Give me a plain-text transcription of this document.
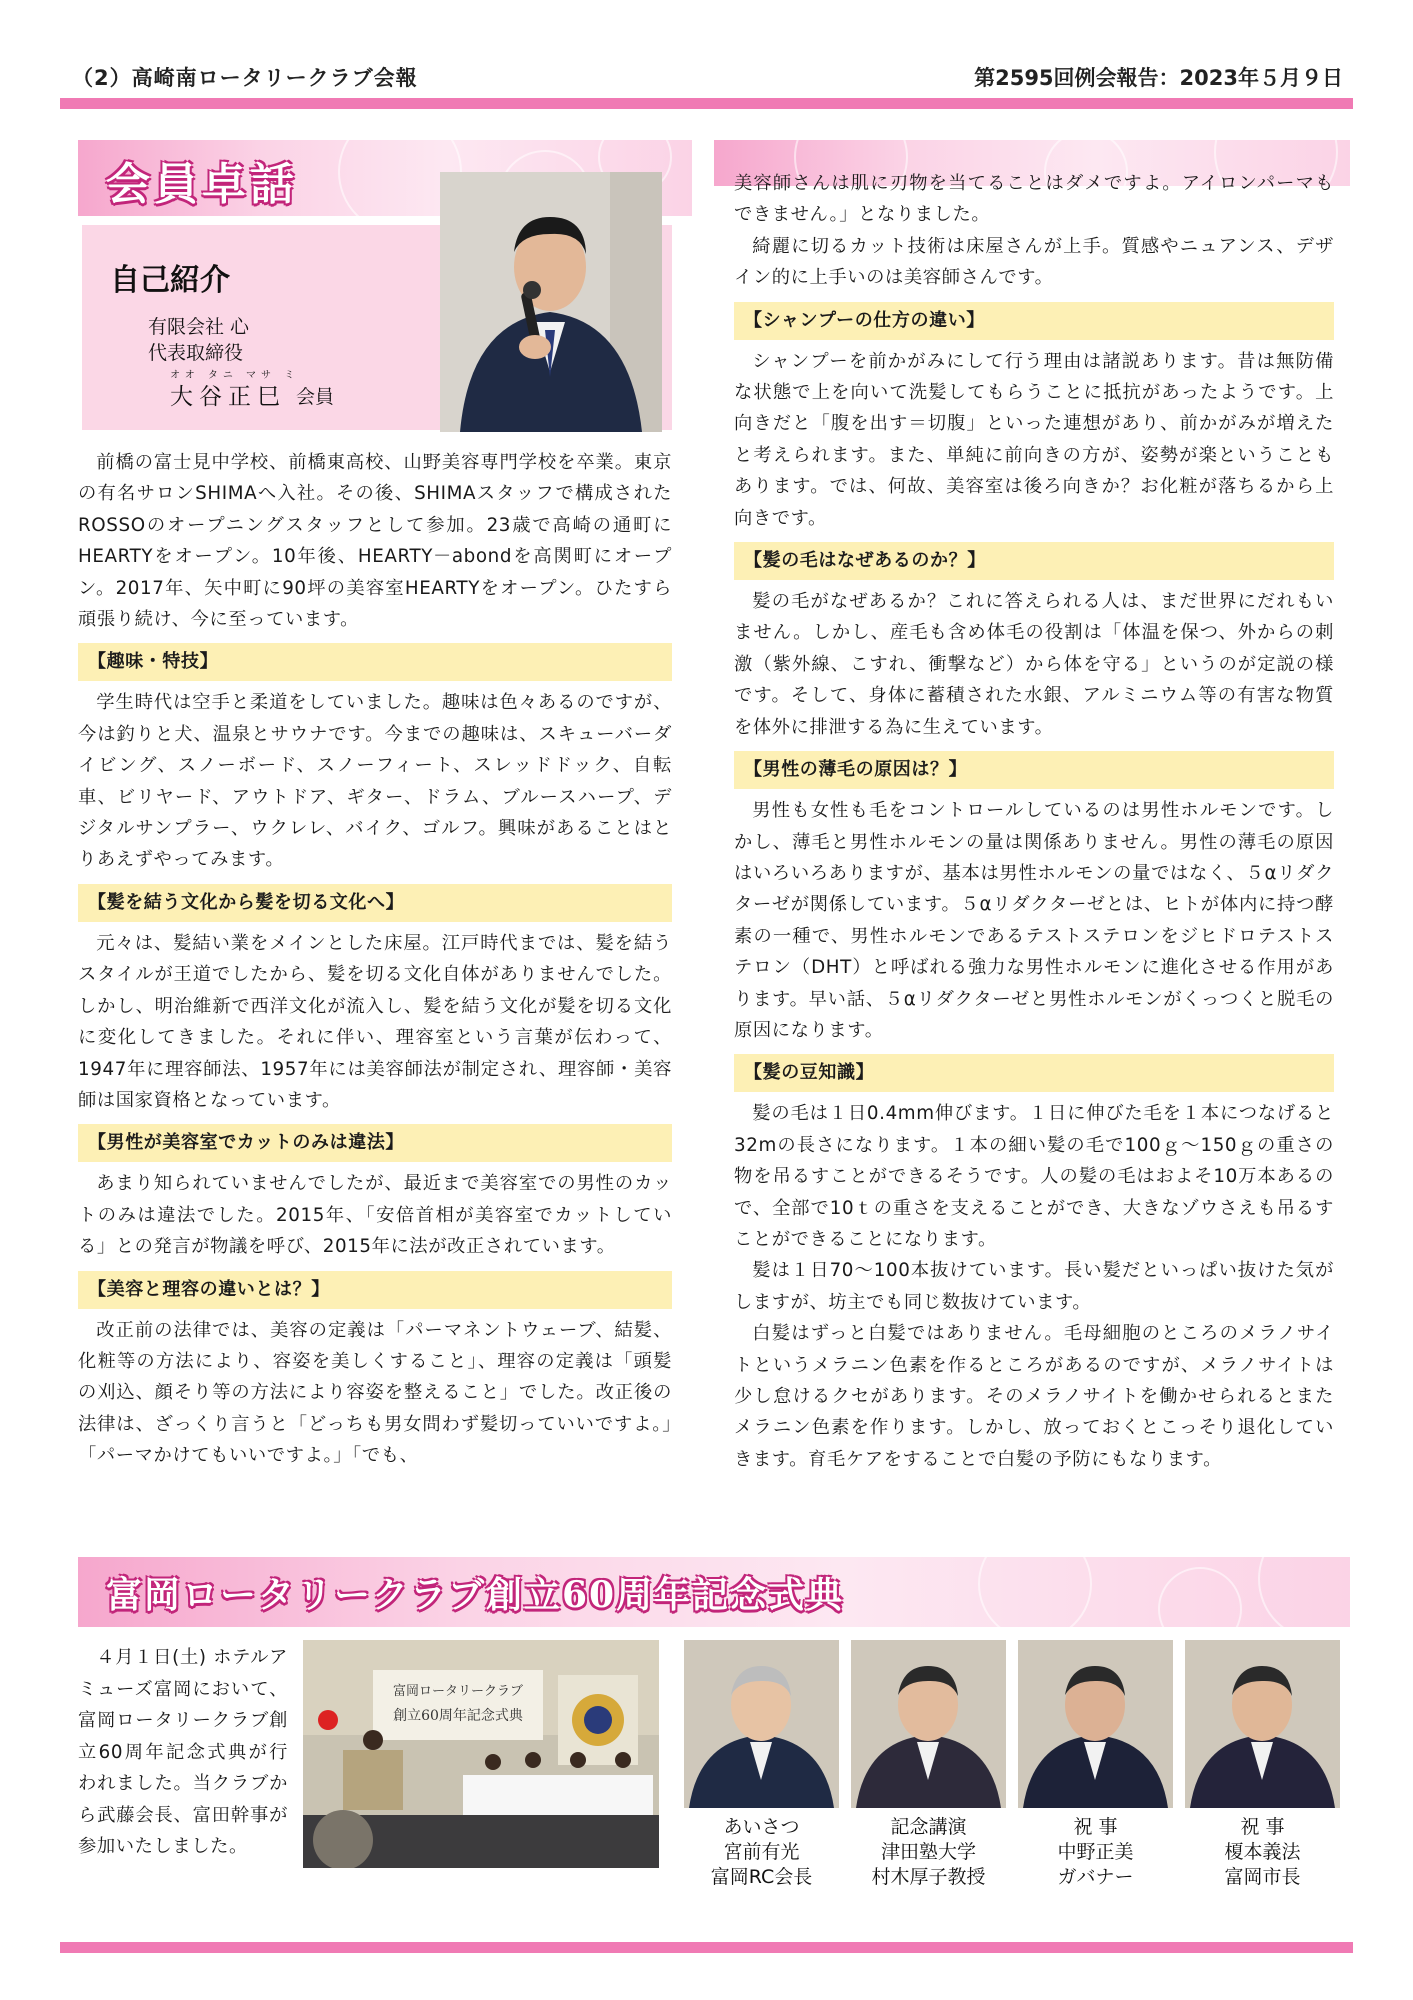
（2）高崎南ロータリークラブ会報	第2595回例会報告：2023年５月９日
会員卓話
自己紹介
有限会社 心
代表取締役
オオ タニ マサ ミ
大谷正巳 会員

前橋の富士見中学校、前橋東高校、山野美容専門学校を卒業。東京の有名サロンSHIMAへ入社。その後、SHIMAスタッフで構成されたROSSOのオープニングスタッフとして参加。23歳で高崎の通町にHEARTYをオープン。10年後、HEARTY－abondを高関町にオープン。2017年、矢中町に90坪の美容室HEARTYをオープン。ひたすら頑張り続け、今に至っています。

【趣味・特技】

学生時代は空手と柔道をしていました。趣味は色々あるのですが、今は釣りと犬、温泉とサウナです。今までの趣味は、スキューバーダイビング、スノーボード、スノーフィート、スレッドドック、自転車、ビリヤード、アウトドア、ギター、ドラム、ブルースハープ、デジタルサンプラー、ウクレレ、バイク、ゴルフ。興味があることはとりあえずやってみます。

【髪を結う文化から髪を切る文化へ】

元々は、髪結い業をメインとした床屋。江戸時代までは、髪を結うスタイルが王道でしたから、髪を切る文化自体がありませんでした。しかし、明治維新で西洋文化が流入し、髪を結う文化が髪を切る文化に変化してきました。それに伴い、理容室という言葉が伝わって、1947年に理容師法、1957年には美容師法が制定され、理容師・美容師は国家資格となっています。

【男性が美容室でカットのみは違法】

あまり知られていませんでしたが、最近まで美容室での男性のカットのみは違法でした。2015年、「安倍首相が美容室でカットしている」との発言が物議を呼び、2015年に法が改正されています。

【美容と理容の違いとは？】

改正前の法律では、美容の定義は「パーマネントウェーブ、結髪、化粧等の方法により、容姿を美しくすること」、理容の定義は「頭髪の刈込、顔そり等の方法により容姿を整えること」でした。改正後の法律は、ざっくり言うと「どっちも男女問わず髪切っていいですよ。」「パーマかけてもいいですよ。」「でも、

美容師さんは肌に刃物を当てることはダメですよ。アイロンパーマもできません。」となりました。

綺麗に切るカット技術は床屋さんが上手。質感やニュアンス、デザイン的に上手いのは美容師さんです。

【シャンプーの仕方の違い】

シャンプーを前かがみにして行う理由は諸説あります。昔は無防備な状態で上を向いて洗髪してもらうことに抵抗があったようです。上向きだと「腹を出す＝切腹」といった連想があり、前かがみが増えたと考えられます。また、単純に前向きの方が、姿勢が楽ということもあります。では、何故、美容室は後ろ向きか？お化粧が落ちるから上向きです。

【髪の毛はなぜあるのか？】

髪の毛がなぜあるか？これに答えられる人は、まだ世界にだれもいません。しかし、産毛も含め体毛の役割は「体温を保つ、外からの刺激（紫外線、こすれ、衝撃など）から体を守る」というのが定説の様です。そして、身体に蓄積された水銀、アルミニウム等の有害な物質を体外に排泄する為に生えています。

【男性の薄毛の原因は？】

男性も女性も毛をコントロールしているのは男性ホルモンです。しかし、薄毛と男性ホルモンの量は関係ありません。男性の薄毛の原因はいろいろありますが、基本は男性ホルモンの量ではなく、５αリダクターゼが関係しています。５αリダクターゼとは、ヒトが体内に持つ酵素の一種で、男性ホルモンであるテストステロンをジヒドロテストステロン（DHT）と呼ばれる強力な男性ホルモンに進化させる作用があります。早い話、５αリダクターゼと男性ホルモンがくっつくと脱毛の原因になります。

【髪の豆知識】

髪の毛は１日0.4mm伸びます。１日に伸びた毛を１本につなげると32mの長さになります。１本の細い髪の毛で100ｇ～150ｇの重さの物を吊るすことができるそうです。人の髪の毛はおよそ10万本あるので、全部で10ｔの重さを支えることができ、大きなゾウさえも吊るすことができることになります。

髪は１日70～100本抜けています。長い髪だといっぱい抜けた気がしますが、坊主でも同じ数抜けています。

白髪はずっと白髪ではありません。毛母細胞のところのメラノサイトというメラニン色素を作るところがあるのですが、メラノサイトは少し怠けるクセがあります。そのメラノサイトを働かせられるとまたメラニン色素を作ります。しかし、放っておくとこっそり退化していきます。育毛ケアをすることで白髪の予防にもなります。

富岡ロータリークラブ創立60周年記念式典

４月１日(土) ホテルアミューズ富岡において、富岡ロータリークラブ創立60周年記念式典が行われました。当クラブから武藤会長、富田幹事が参加いたしました。

富岡ロータリークラブ
創立60周年記念式典
あいさつ
宮前有光
富岡RC会長
記念講演
津田塾大学
村木厚子教授
祝 事
中野正美
ガバナー
祝 事
榎本義法
富岡市長
